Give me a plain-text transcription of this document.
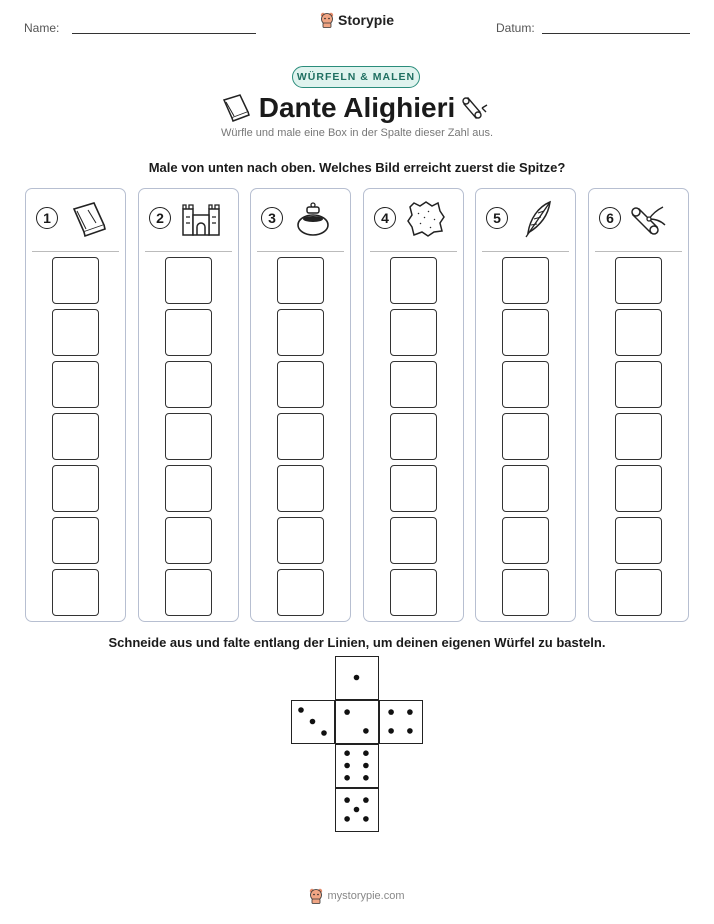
Name:	Storypie	Datum:
WÜRFELN & MALEN
Dante Alighieri
Würfle und male eine Box in der Spalte dieser Zahl aus.
Male von unten nach oben. Welches Bild erreicht zuerst die Spitze?
1	2	3	4	5	6
Schneide aus und falte entlang der Linien, um deinen eigenen Würfel zu basteln.
mystorypie.com
